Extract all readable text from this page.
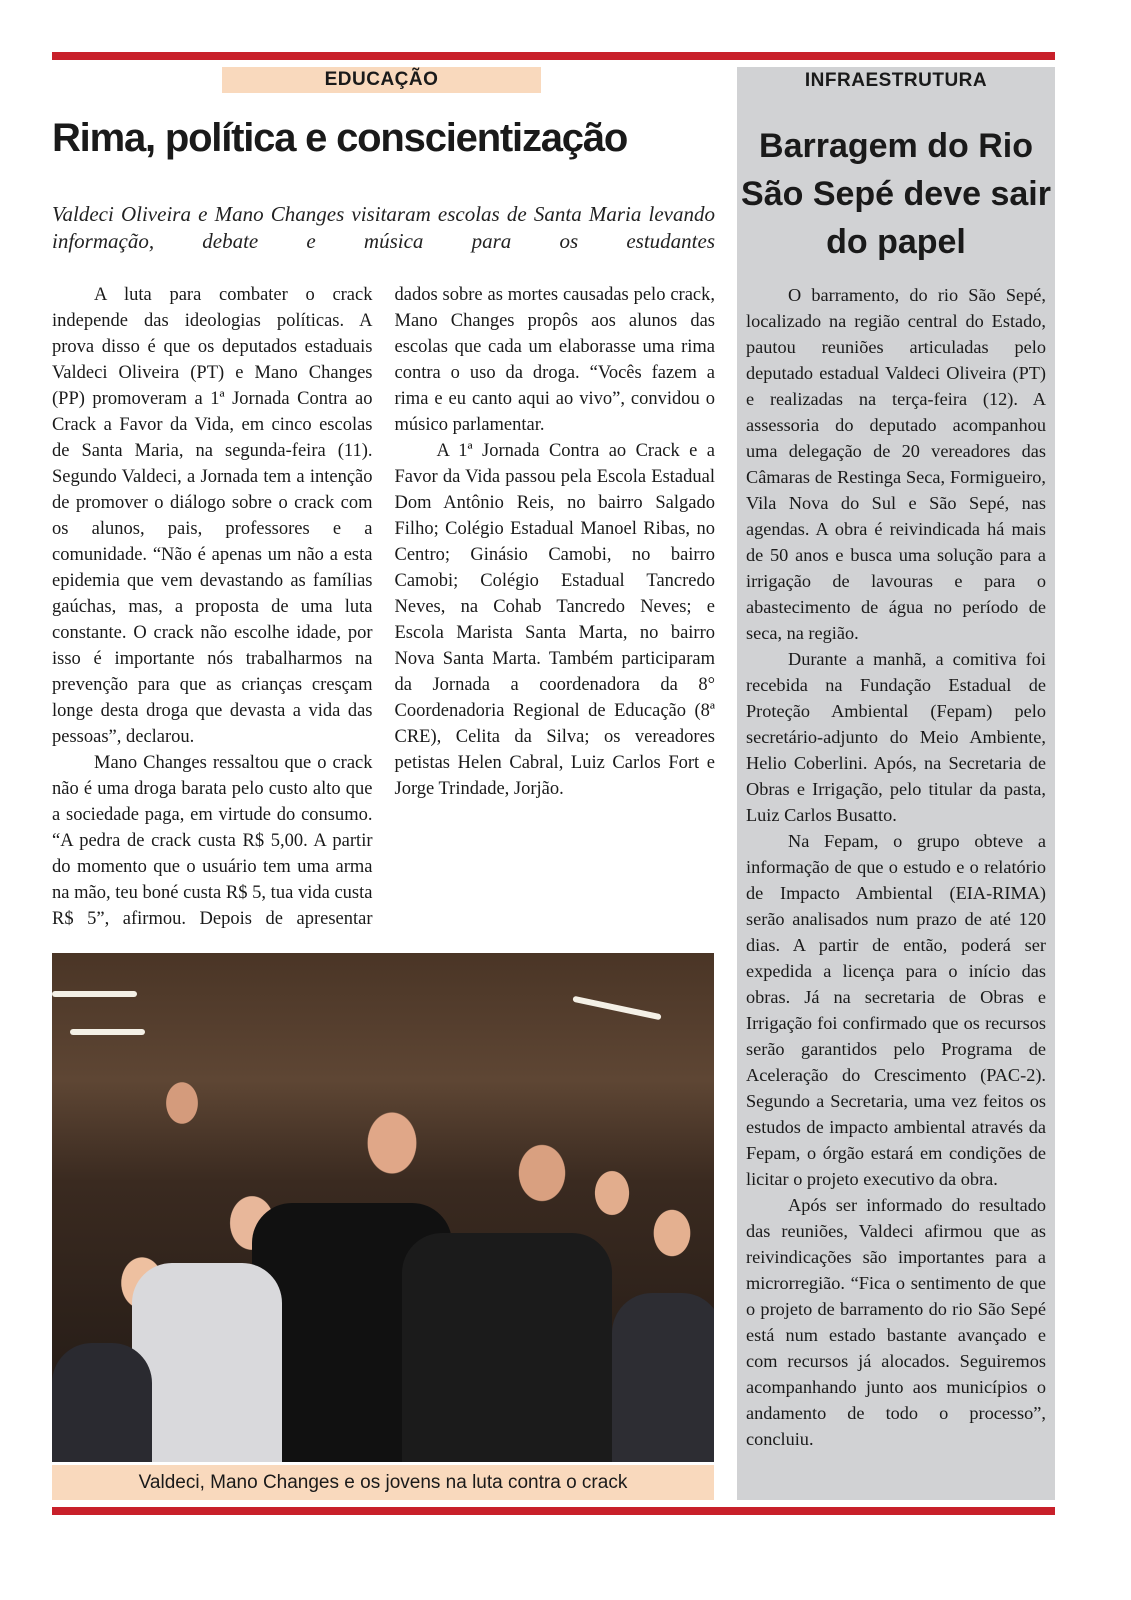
EDUCAÇÃO
Rima, política e conscientização
Valdeci Oliveira e Mano Changes visitaram escolas de Santa Maria levando informação, debate e música para os estudantes

A luta para combater o crack independe das ideologias políticas. A prova disso é que os deputados estaduais Valdeci Oliveira (PT) e Mano Changes (PP) promoveram a 1ª Jornada Contra ao Crack a Favor da Vida, em cinco escolas de Santa Maria, na segunda-feira (11). Segundo Valdeci, a Jornada tem a intenção de promover o diálogo sobre o crack com os alunos, pais, professores e a comunidade. “Não é apenas um não a esta epidemia que vem devastando as famílias gaúchas, mas, a proposta de uma luta constante. O crack não escolhe idade, por isso é importante nós trabalharmos na prevenção para que as crianças cresçam longe desta droga que devasta a vida das pessoas”, declarou.

Mano Changes ressaltou que o crack não é uma droga barata pelo custo alto que a sociedade paga, em virtude do consumo. “A pedra de crack custa R$ 5,00. A partir do momento que o usuário tem uma arma na mão, teu boné custa R$ 5, tua vida custa R$ 5”, afirmou. Depois de apresentar dados sobre as mortes causadas pelo crack, Mano Changes propôs aos alunos das escolas que cada um elaborasse uma rima contra o uso da droga. “Vocês fazem a rima e eu canto aqui ao vivo”, convidou o músico parlamentar.

A 1ª Jornada Contra ao Crack e a Favor da Vida passou pela Escola Estadual Dom Antônio Reis, no bairro Salgado Filho; Colégio Estadual Manoel Ribas, no Centro; Ginásio Camobi, no bairro Camobi; Colégio Estadual Tancredo Neves, na Cohab Tancredo Neves; e Escola Marista Santa Marta, no bairro Nova Santa Marta. Também participaram da Jornada a coordenadora da 8° Coordenadoria Regional de Educação (8ª CRE), Celita da Silva; os vereadores petistas Helen Cabral, Luiz Carlos Fort e Jorge Trindade, Jorjão.

Valdeci, Mano Changes e os jovens na luta contra o crack
INFRAESTRUTURA
Barragem do Rio São Sepé deve sair do papel

O barramento, do rio São Sepé, localizado na região central do Estado, pautou reuniões articuladas pelo deputado estadual Valdeci Oliveira (PT) e realizadas na terça-feira (12). A assessoria do deputado acompanhou uma delegação de 20 vereadores das Câmaras de Restinga Seca, Formigueiro, Vila Nova do Sul e São Sepé, nas agendas. A obra é reivindicada há mais de 50 anos e busca uma solução para a irrigação de lavouras e para o abastecimento de água no período de seca, na região.

Durante a manhã, a comitiva foi recebida na Fundação Estadual de Proteção Ambiental (Fepam) pelo secretário-adjunto do Meio Ambiente, Helio Coberlini. Após, na Secretaria de Obras e Irrigação, pelo titular da pasta, Luiz Carlos Busatto.

Na Fepam, o grupo obteve a informação de que o estudo e o relatório de Impacto Ambiental (EIA-RIMA) serão analisados num prazo de até 120 dias. A partir de então, poderá ser expedida a licença para o início das obras. Já na secretaria de Obras e Irrigação foi confirmado que os recursos serão garantidos pelo Programa de Aceleração do Crescimento (PAC-2). Segundo a Secretaria, uma vez feitos os estudos de impacto ambiental através da Fepam, o órgão estará em condições de licitar o projeto executivo da obra.

Após ser informado do resultado das reuniões, Valdeci afirmou que as reivindicações são importantes para a microrregião. “Fica o sentimento de que o projeto de barramento do rio São Sepé está num estado bastante avançado e com recursos já alocados. Seguiremos acompanhando junto aos municípios o andamento de todo o processo”, concluiu.
